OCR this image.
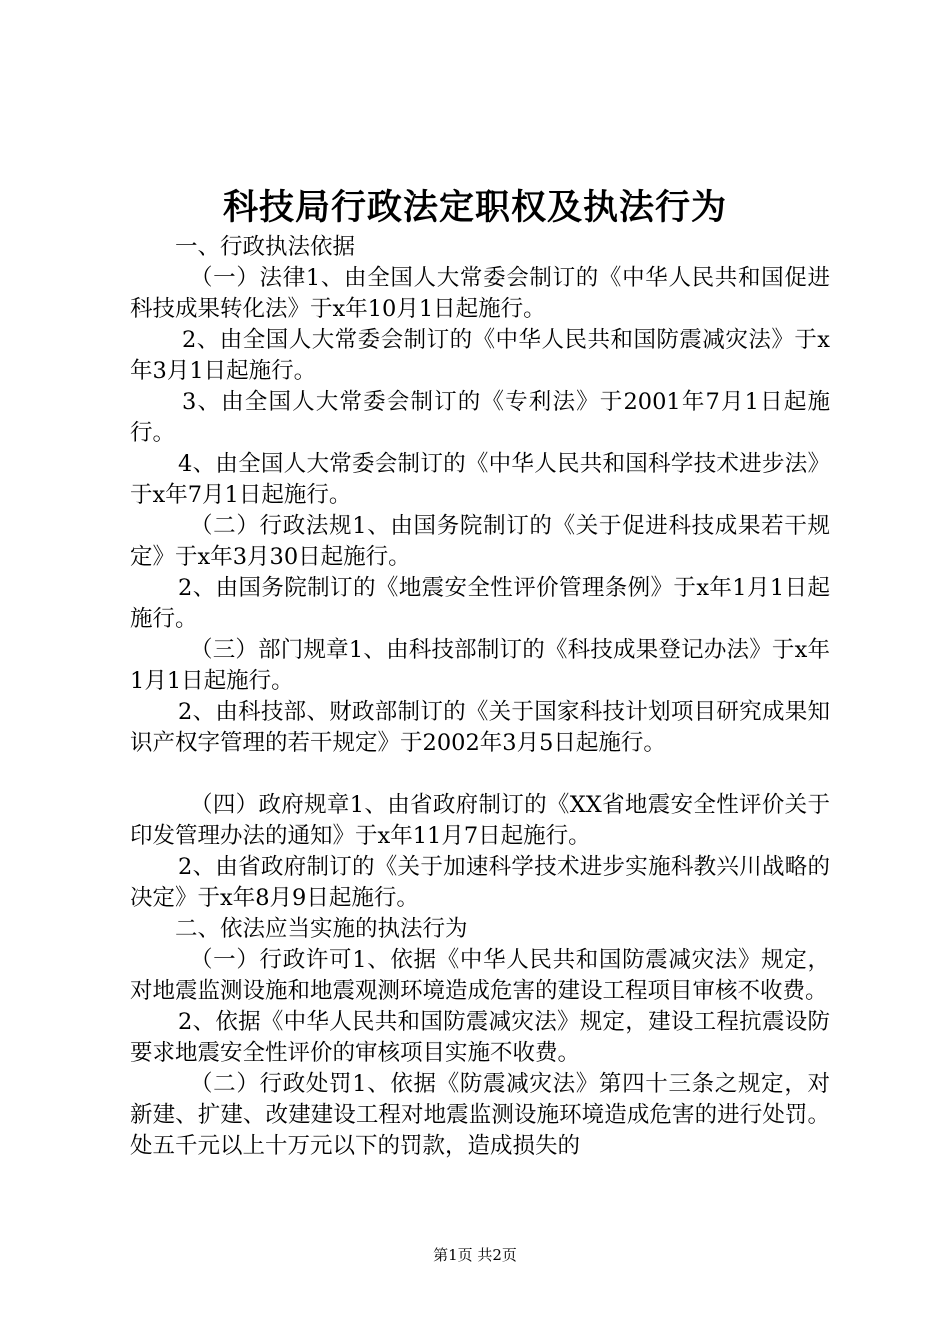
科技局行政法定职权及执法行为

一、行政执法依据

（一）法律1、由全国人大常委会制订的《中华人民共和国促进科技成果转化法》于x年10月1日起施行。

2、由全国人大常委会制订的《中华人民共和国防震减灾法》于x年3月1日起施行。

3、由全国人大常委会制订的《专利法》于2001年7月1日起施行。

4、由全国人大常委会制订的《中华人民共和国科学技术进步法》于x年7月1日起施行。

（二）行政法规1、由国务院制订的《关于促进科技成果若干规定》于x年3月30日起施行。

2、由国务院制订的《地震安全性评价管理条例》于x年1月1日起施行。

（三）部门规章1、由科技部制订的《科技成果登记办法》于x年1月1日起施行。

2、由科技部、财政部制订的《关于国家科技计划项目研究成果知识产权字管理的若干规定》于2002年3月5日起施行。

（四）政府规章1、由省政府制订的《XX省地震安全性评价关于印发管理办法的通知》于x年11月7日起施行。

2、由省政府制订的《关于加速科学技术进步实施科教兴川战略的决定》于x年8月9日起施行。

二、依法应当实施的执法行为

（一）行政许可1、依据《中华人民共和国防震减灾法》规定，对地震监测设施和地震观测环境造成危害的建设工程项目审核不收费。

2、依据《中华人民共和国防震减灾法》规定，建设工程抗震设防要求地震安全性评价的审核项目实施不收费。

（二）行政处罚1、依据《防震减灾法》第四十三条之规定，对新建、扩建、改建建设工程对地震监测设施环境造成危害的进行处罚。处五千元以上十万元以下的罚款，造成损失的

第1页 共2页
